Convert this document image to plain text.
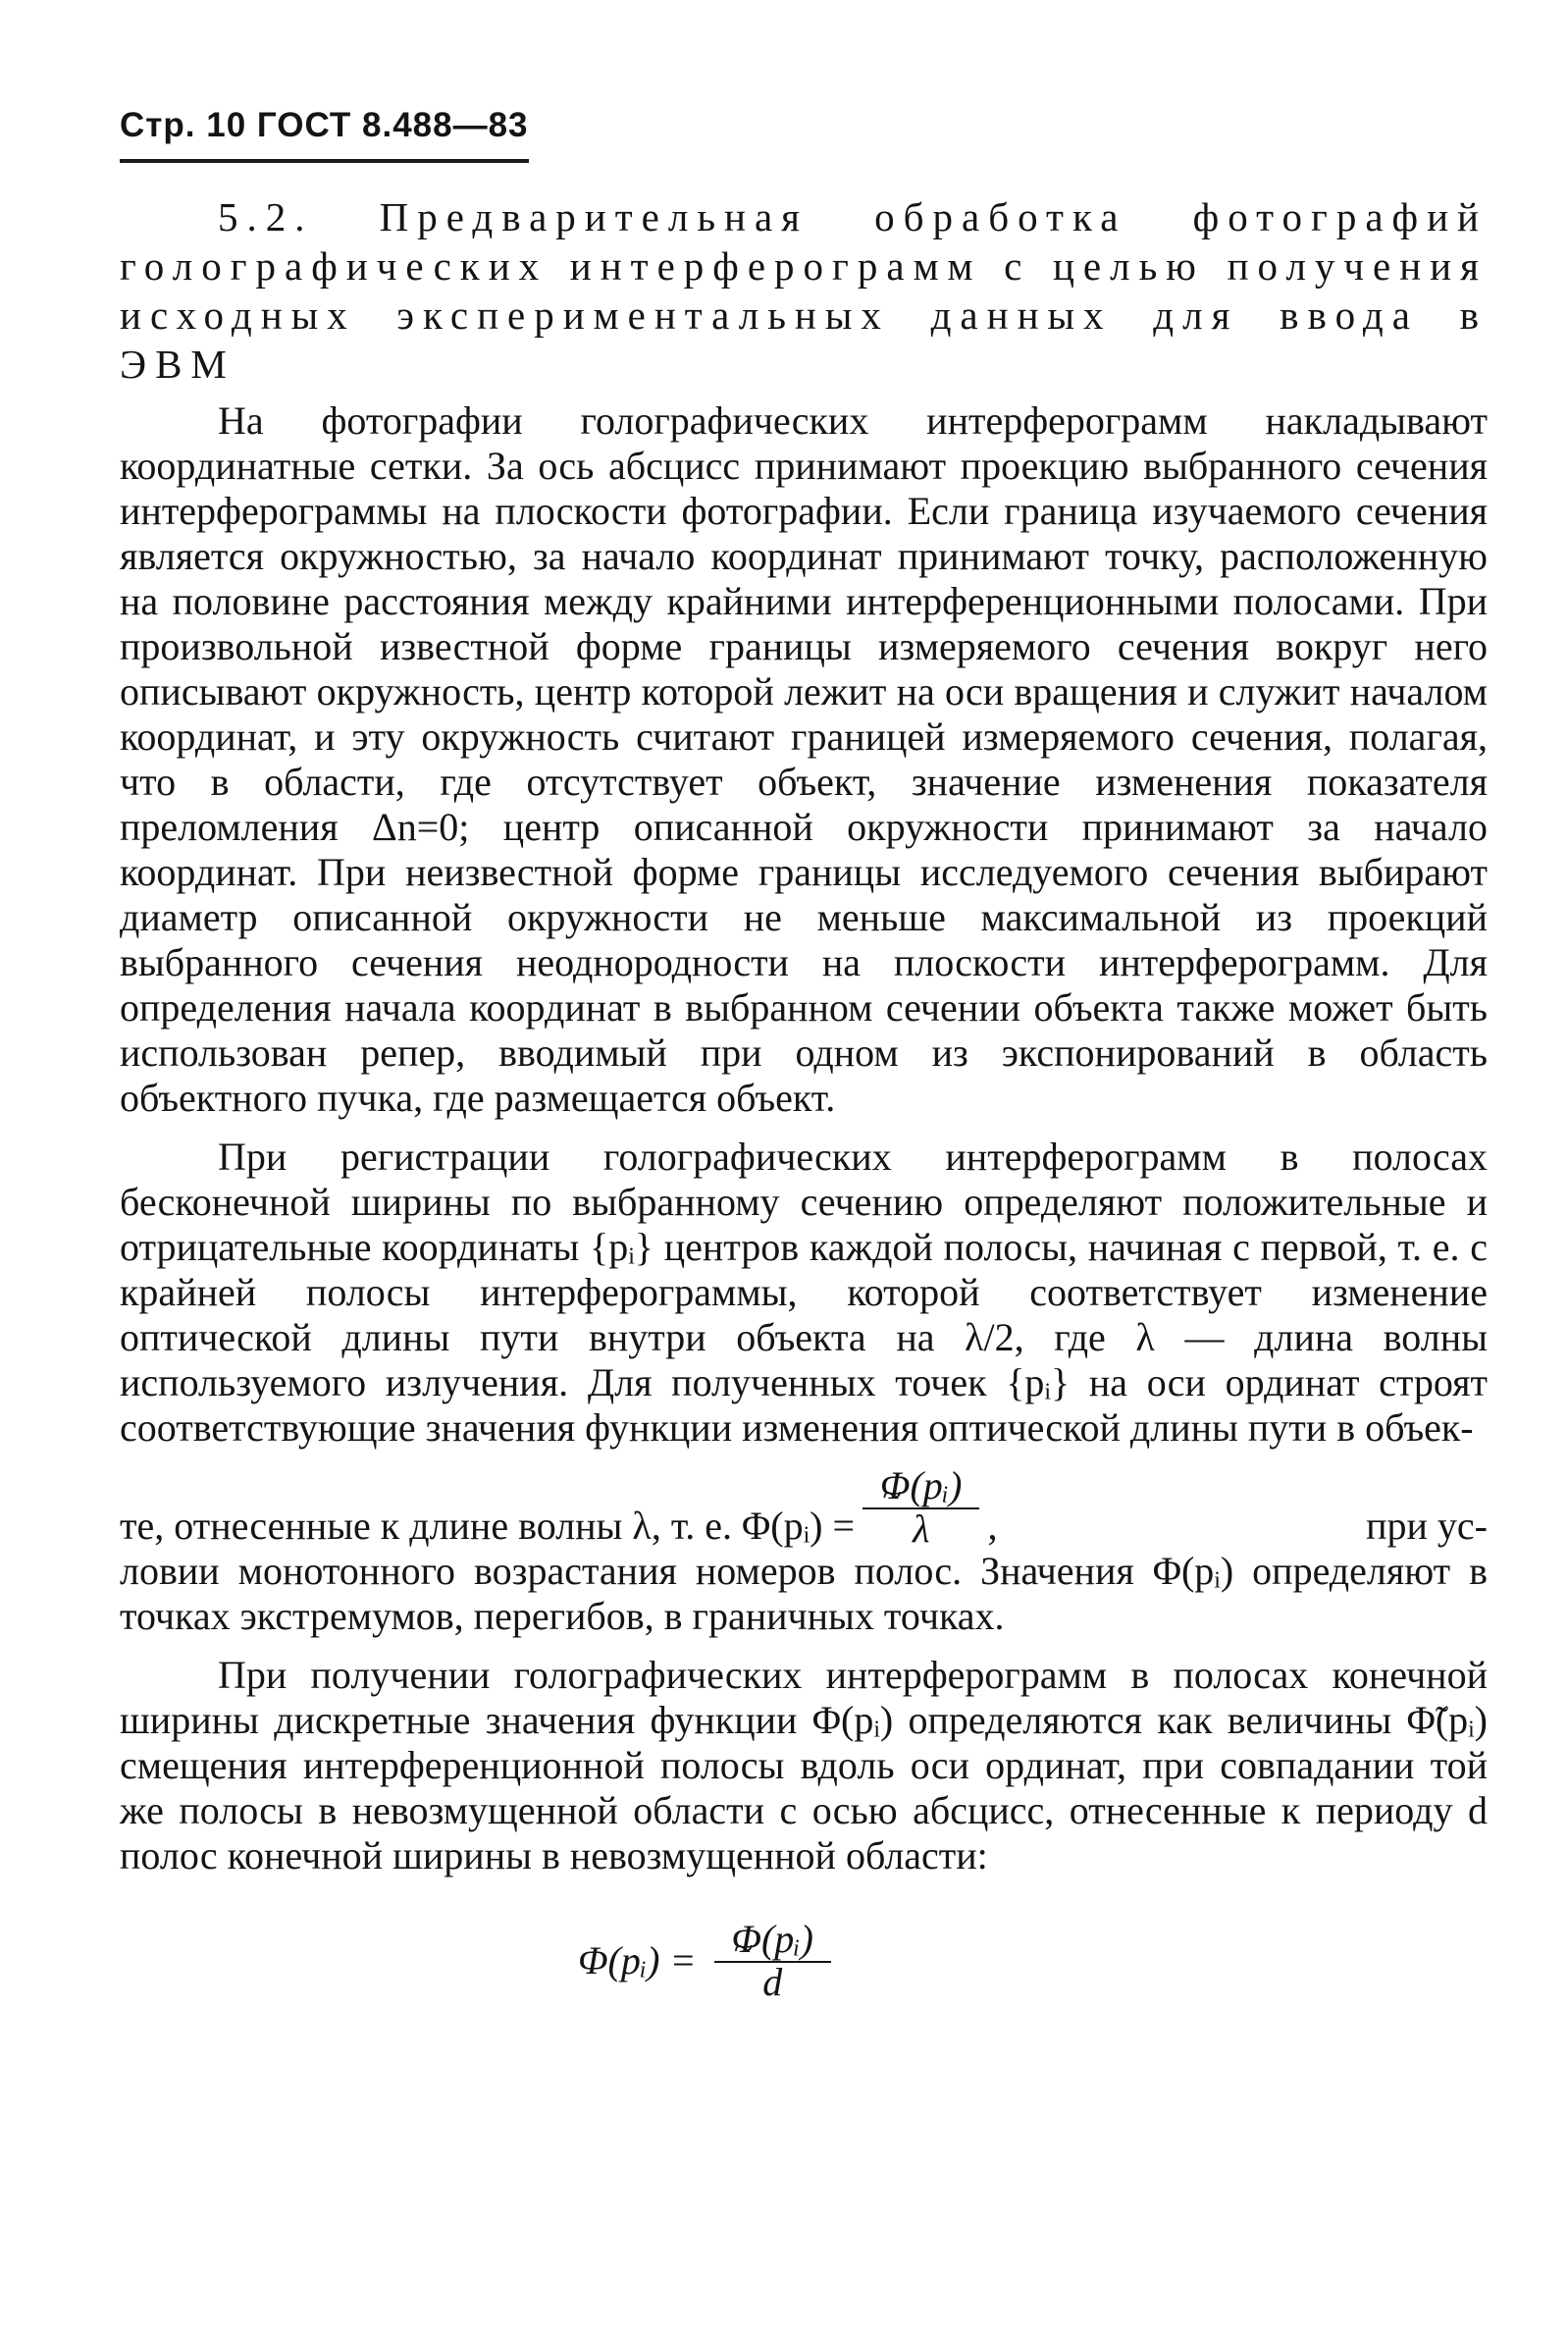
Стр. 10 ГОСТ 8.488—83
5.2. Предварительная обработка фотографий голографических интерферограмм с целью получения исходных экспериментальных данных для ввода в ЭВМ

На фотографии голографических интерферограмм накладывают координатные сетки. За ось абсцисс принимают проекцию выбранного сечения интерферограммы на плоскости фотографии. Если граница изучаемого сечения является окружностью, за начало координат принимают точку, расположенную на половине расстояния между крайними интерференционными полосами. При произвольной известной форме границы измеряемого сечения вокруг него описывают окружность, центр которой лежит на оси вращения и служит началом координат, и эту окружность считают границей измеряемого сечения, полагая, что в области, где отсутствует объект, значение изменения показателя преломления Δn=0; центр описанной окружности принимают за начало координат. При неизвестной форме границы исследуемого сечения выбирают диаметр описанной окружности не меньше максимальной из проекций выбранного сечения неоднородности на плоскости интерферограмм. Для определения начала координат в выбранном сечении объекта также может быть использован репер, вводимый при одном из экспонирований в область объектного пучка, где размещается объект.

При регистрации голографических интерферограмм в полосах бесконечной ширины по выбранному сечению определяют положительные и отрицательные координаты {pᵢ} центров каждой полосы, начиная с первой, т. е. с крайней полосы интерферограммы, которой соответствует изменение оптической длины пути внутри объекта на λ/2, где λ — длина волны используемого излучения. Для полученных точек {pᵢ} на оси ординат строят соответствующие значения функции изменения оптической длины пути в объек-

те, отнесенные к длине волны λ, т. е. Φ(pᵢ) = $\frac{\text{Φ(pᵢ)}}{\lambda}$ ,	при ус-

ловии монотонного возрастания номеров полос. Значения Φ(pᵢ) определяют в точках экстремумов, перегибов, в граничных точках.

При получении голографических интерферограмм в полосах конечной ширины дискретные значения функции Φ(pᵢ) определяются как величины Φ̃(pᵢ) смещения интерференционной полосы вдоль оси ординат, при совпадании той же полосы в невозмущенной области с осью абсцисс, отнесенные к периоду d полос конечной ширины в невозмущенной области:

Φ(pᵢ) = $\frac{\text{Φ(pᵢ)}}{d}$
